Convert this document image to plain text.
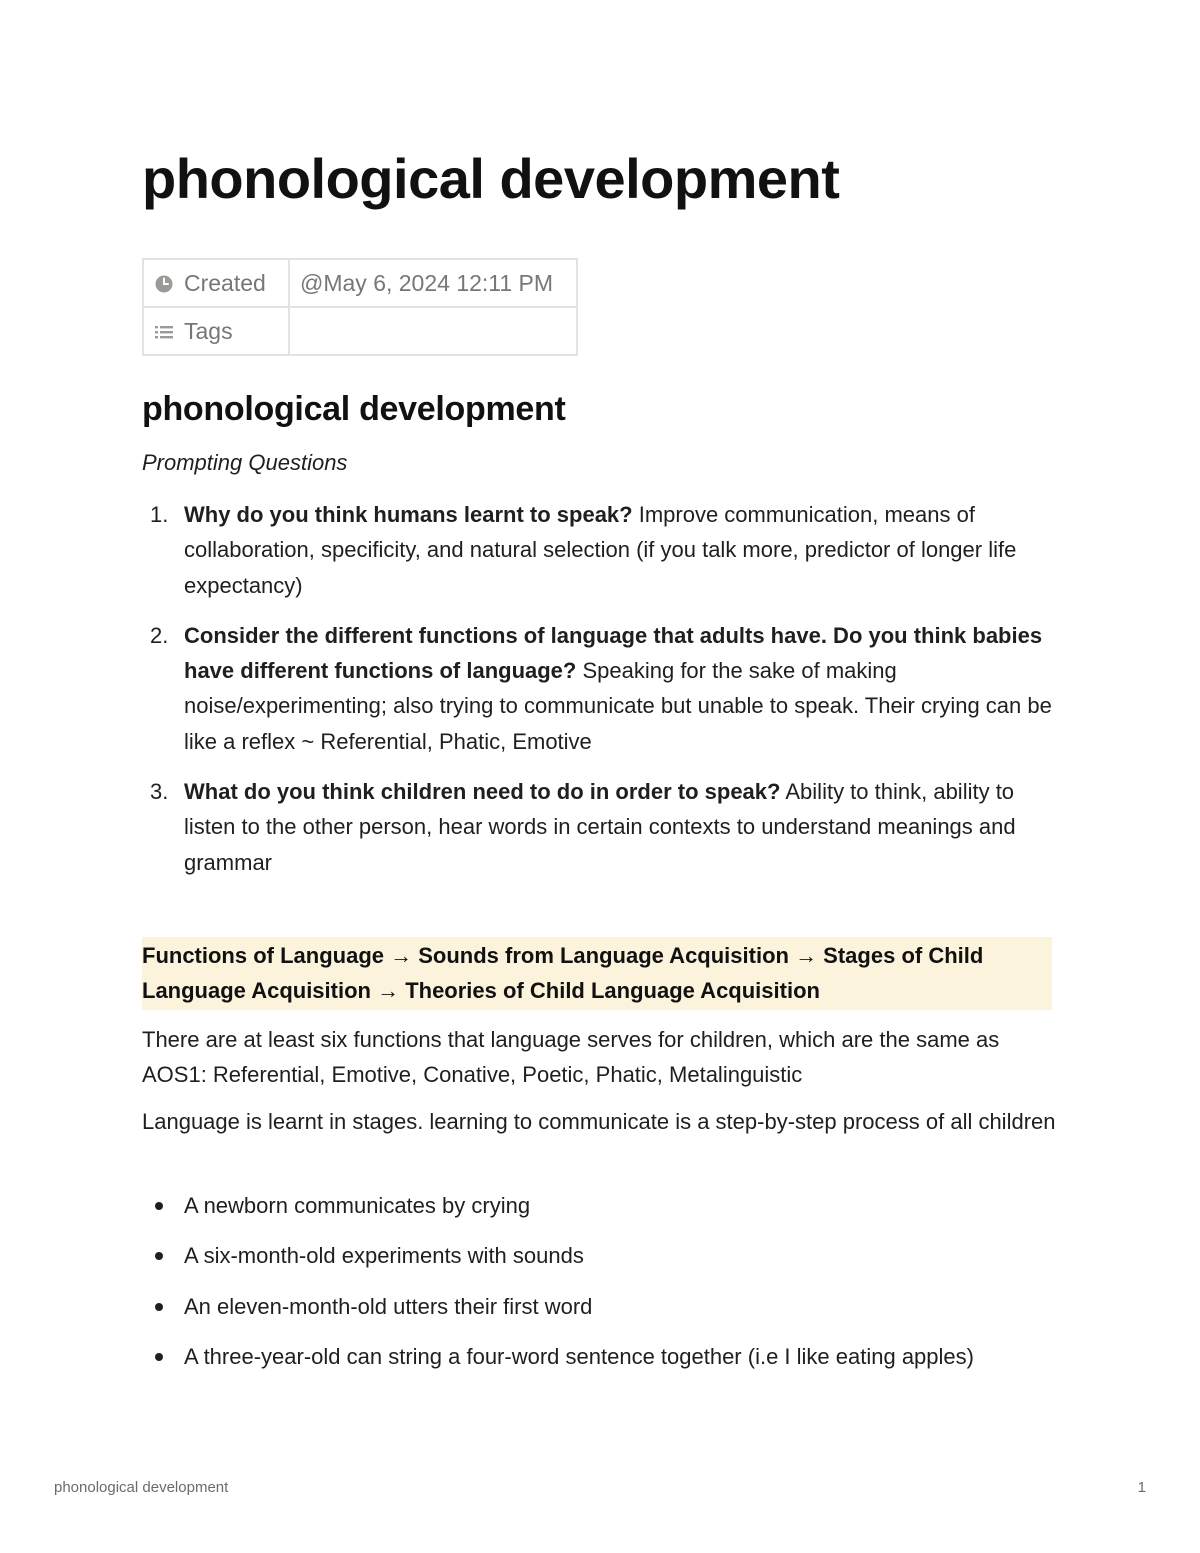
phonological development
Created	@May 6, 2024 12:11 PM
Tags	
phonological development

Prompting Questions

1. Why do you think humans learnt to speak? Improve communication, means of collaboration, specificity, and natural selection (if you talk more, predictor of longer life expectancy)
2. Consider the different functions of language that adults have. Do you think babies have different functions of language? Speaking for the sake of making noise/experimenting; also trying to communicate but unable to speak. Their crying can be like a reflex ~ Referential, Phatic, Emotive
3. What do you think children need to do in order to speak? Ability to think, ability to listen to the other person, hear words in certain contexts to understand meanings and grammar
Functions of Language → Sounds from Language Acquisition → Stages of Child Language Acquisition → Theories of Child Language Acquisition

There are at least six functions that language serves for children, which are the same as AOS1: Referential, Emotive, Conative, Poetic, Phatic, Metalinguistic

Language is learnt in stages. learning to communicate is a step-by-step process of all children

A newborn communicates by crying
A six-month-old experiments with sounds
An eleven-month-old utters their first word
A three-year-old can string a four-word sentence together (i.e I like eating apples)
phonological development	1
